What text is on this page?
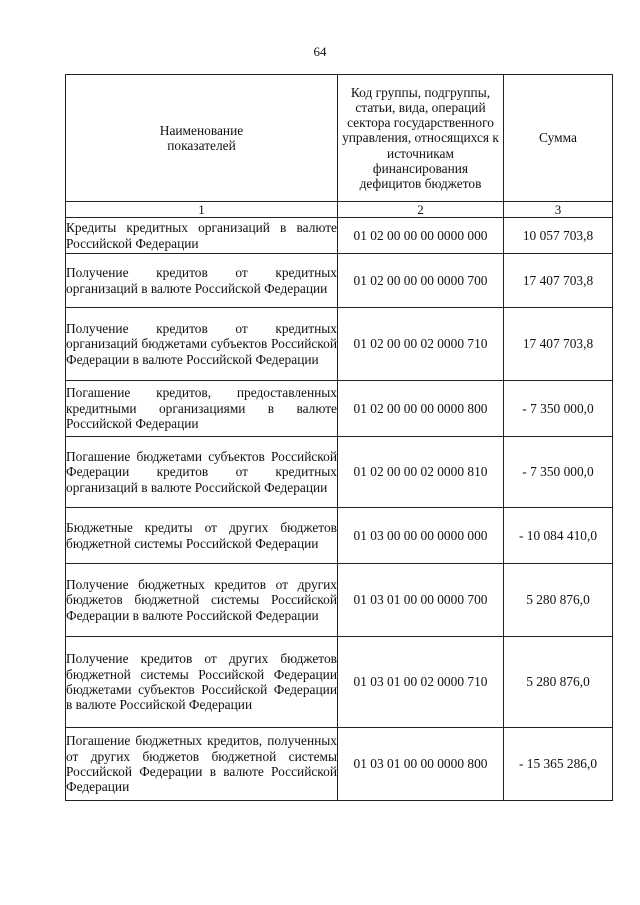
64
Наименование показателей	Код группы, подгруппы, статьи, вида, операций сектора государственного управления, относящихся к источникам финансирования дефицитов бюджетов	Сумма
1	2	3
Кредиты кредитных организаций в валюте Российской Федерации	01 02 00 00 00 0000 000	10 057 703,8
Получение кредитов от кредитных организаций в валюте Российской Федерации	01 02 00 00 00 0000 700	17 407 703,8
Получение кредитов от кредитных организаций бюджетами субъектов Российской Федерации в валюте Российской Федерации	01 02 00 00 02 0000 710	17 407 703,8
Погашение кредитов, предоставленных кредитными организациями в валюте Российской Федерации	01 02 00 00 00 0000 800	- 7 350 000,0
Погашение бюджетами субъектов Российской Федерации кредитов от кредитных организаций в валюте Российской Федерации	01 02 00 00 02 0000 810	- 7 350 000,0
Бюджетные кредиты от других бюджетов бюджетной системы Российской Федерации	01 03 00 00 00 0000 000	- 10 084 410,0
Получение бюджетных кредитов от других бюджетов бюджетной системы Российской Федерации в валюте Российской Федерации	01 03 01 00 00 0000 700	5 280 876,0
Получение кредитов от других бюджетов бюджетной системы Российской Федерации бюджетами субъектов Российской Федерации в валюте Российской Федерации	01 03 01 00 02 0000 710	5 280 876,0
Погашение бюджетных кредитов, полученных от других бюджетов бюджетной системы Российской Федерации в валюте Российской Федерации	01 03 01 00 00 0000 800	- 15 365 286,0
